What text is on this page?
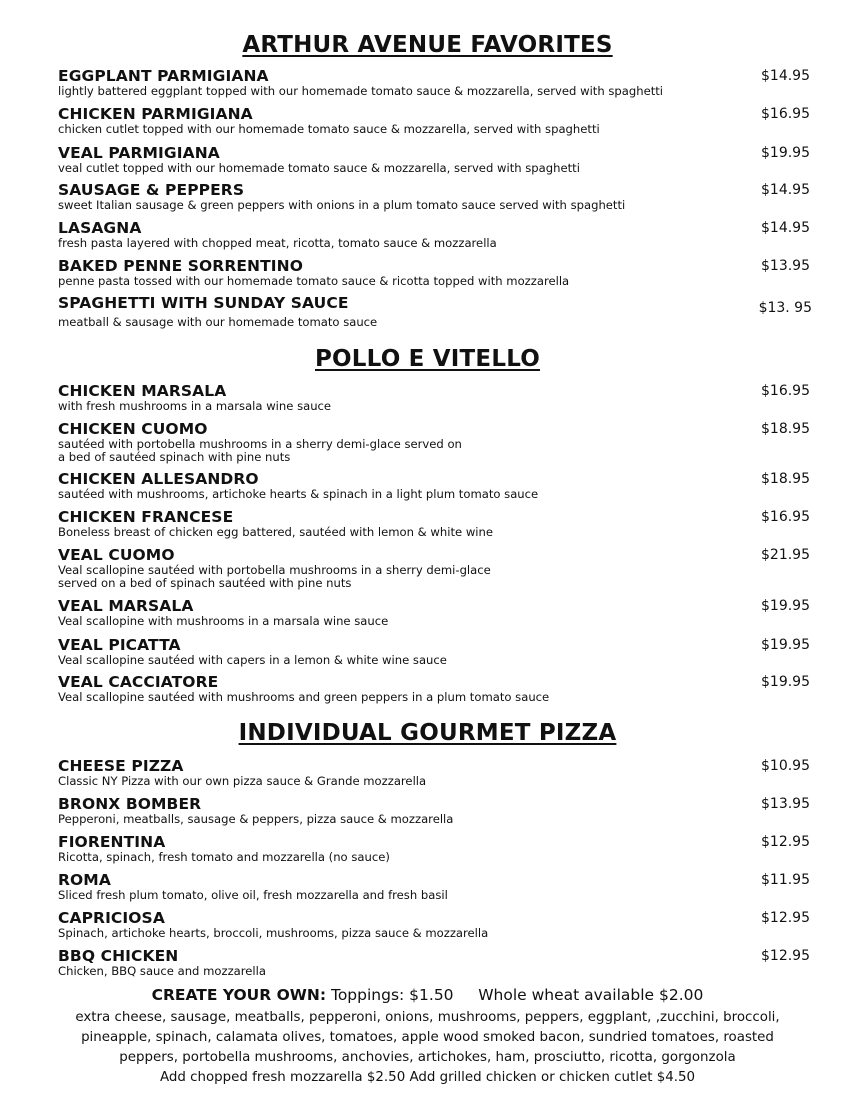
ARTHUR AVENUE FAVORITES
EGGPLANT PARMIGIANA
lightly battered eggplant topped with our homemade tomato sauce & mozzarella, served with spaghetti
$14.95
CHICKEN PARMIGIANA
chicken cutlet topped with our homemade tomato sauce & mozzarella, served with spaghetti
$16.95
VEAL PARMIGIANA
veal cutlet topped with our homemade tomato sauce & mozzarella, served with spaghetti
$19.95
SAUSAGE & PEPPERS
sweet Italian sausage & green peppers with onions in a plum tomato sauce served with spaghetti
$14.95
LASAGNA
fresh pasta layered with chopped meat, ricotta, tomato sauce & mozzarella
$14.95
BAKED PENNE SORRENTINO
penne pasta tossed with our homemade tomato sauce & ricotta topped with mozzarella
$13.95
SPAGHETTI WITH SUNDAY SAUCE
meatball & sausage with our homemade tomato sauce
$13. 95
POLLO E VITELLO
CHICKEN MARSALA
with fresh mushrooms in a marsala wine sauce
$16.95
CHICKEN CUOMO
sautéed with portobella mushrooms in a sherry demi-glace served on
a bed of sautéed spinach with pine nuts
$18.95
CHICKEN ALLESANDRO
sautéed with mushrooms, artichoke hearts & spinach in a light plum tomato sauce
$18.95
CHICKEN FRANCESE
Boneless breast of chicken egg battered, sautéed with lemon & white wine
$16.95
VEAL CUOMO
Veal scallopine sautéed with portobella mushrooms in a sherry demi-glace
served on a bed of spinach sautéed with pine nuts
$21.95
VEAL MARSALA
Veal scallopine with mushrooms in a marsala wine sauce
$19.95
VEAL PICATTA
Veal scallopine sautéed with capers in a lemon & white wine sauce
$19.95
VEAL CACCIATORE
Veal scallopine sautéed with mushrooms and green peppers in a plum tomato sauce
$19.95
INDIVIDUAL GOURMET PIZZA
CHEESE PIZZA
Classic NY Pizza with our own pizza sauce & Grande mozzarella
$10.95
BRONX BOMBER
Pepperoni, meatballs, sausage & peppers, pizza sauce & mozzarella
$13.95
FIORENTINA
Ricotta, spinach, fresh tomato and mozzarella (no sauce)
$12.95
ROMA
Sliced fresh plum tomato, olive oil, fresh mozzarella and fresh basil
$11.95
CAPRICIOSA
Spinach, artichoke hearts, broccoli, mushrooms, pizza sauce & mozzarella
$12.95
BBQ CHICKEN
Chicken, BBQ sauce and mozzarella
$12.95
CREATE YOUR OWN: Toppings: $1.50 Whole wheat available $2.00
extra cheese, sausage, meatballs, pepperoni, onions, mushrooms, peppers, eggplant, ,zucchini, broccoli,
pineapple, spinach, calamata olives, tomatoes, apple wood smoked bacon, sundried tomatoes, roasted
peppers, portobella mushrooms, anchovies, artichokes, ham, prosciutto, ricotta, gorgonzola
Add chopped fresh mozzarella $2.50 Add grilled chicken or chicken cutlet $4.50
